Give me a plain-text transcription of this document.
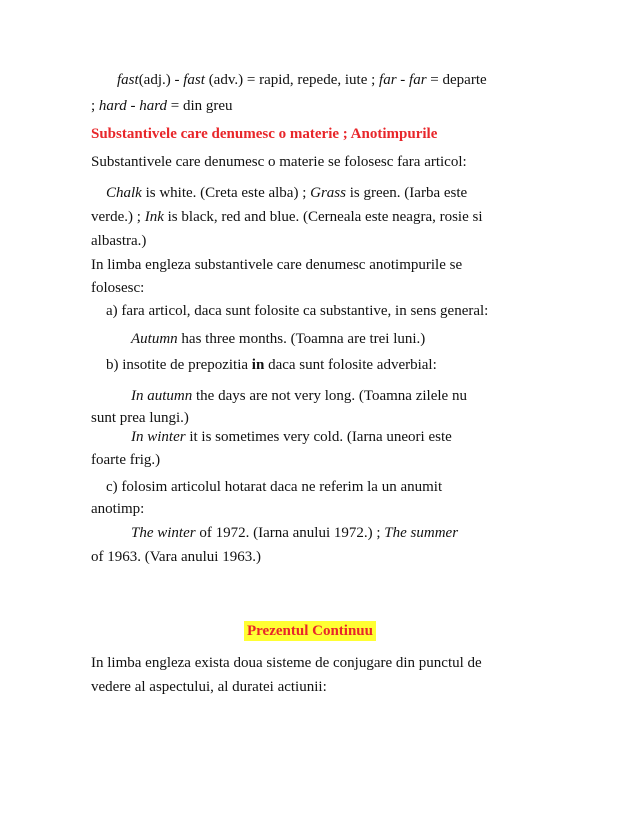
fast(adj.) - fast (adv.) = rapid, repede, iute ; far - far = departe
; hard - hard = din greu
Substantivele care denumesc o materie ; Anotimpurile
Substantivele care denumesc o materie se folosesc fara articol:
Chalk is white. (Creta este alba) ; Grass is green. (Iarba este
verde.) ; Ink is black, red and blue. (Cerneala este neagra, rosie si
albastra.)
In limba engleza substantivele care denumesc anotimpurile se
folosesc:
a) fara articol, daca sunt folosite ca substantive, in sens general:
Autumn has three months. (Toamna are trei luni.)
b) insotite de prepozitia in daca sunt folosite adverbial:
In autumn the days are not very long. (Toamna zilele nu
sunt prea lungi.)
In winter it is sometimes very cold. (Iarna uneori este
foarte frig.)
c) folosim articolul hotarat daca ne referim la un anumit
anotimp:
The winter of 1972. (Iarna anului 1972.) ; The summer
of 1963. (Vara anului 1963.)
Prezentul Continuu
In limba engleza exista doua sisteme de conjugare din punctul de
vedere al aspectului, al duratei actiunii:
